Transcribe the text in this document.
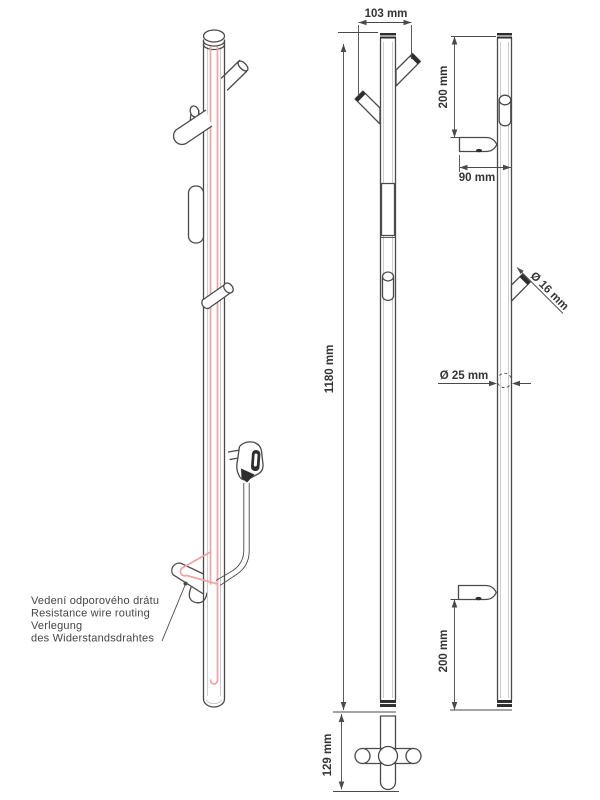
Vedení odporového drátu
Resistance wire routing
Verlegung
des Widerstandsdrahtes
103 mm
1180 mm
129 mm
200 mm
90 mm
Ø 16 mm
Ø 25 mm
200 mm
